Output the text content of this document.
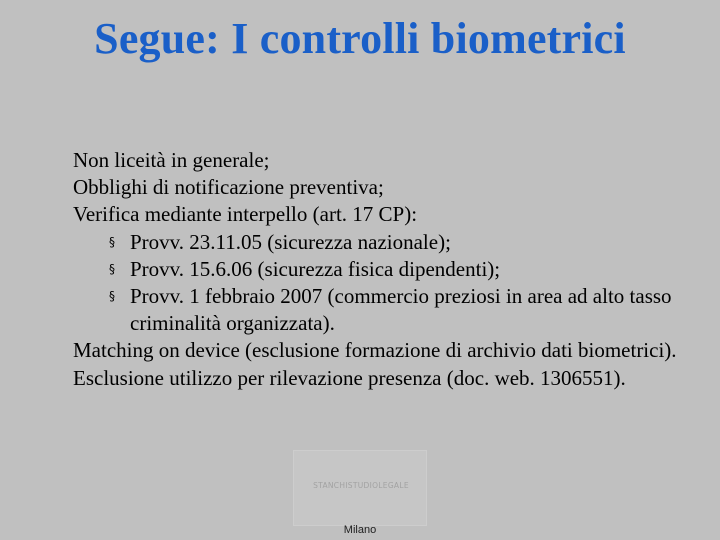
Segue: I controlli biometrici
Non liceità in generale;
Obblighi di notificazione preventiva;
Verifica mediante interpello (art. 17 CP):
§ Provv. 23.11.05 (sicurezza nazionale);
§ Provv. 15.6.06 (sicurezza fisica dipendenti);
§ Provv. 1 febbraio 2007 (commercio preziosi in area ad alto tasso criminalità organizzata).
Matching on device (esclusione formazione di archivio dati biometrici).
Esclusione utilizzo per rilevazione presenza (doc. web. 1306551).
STANCHISTUDIOLEGALE
Milano
